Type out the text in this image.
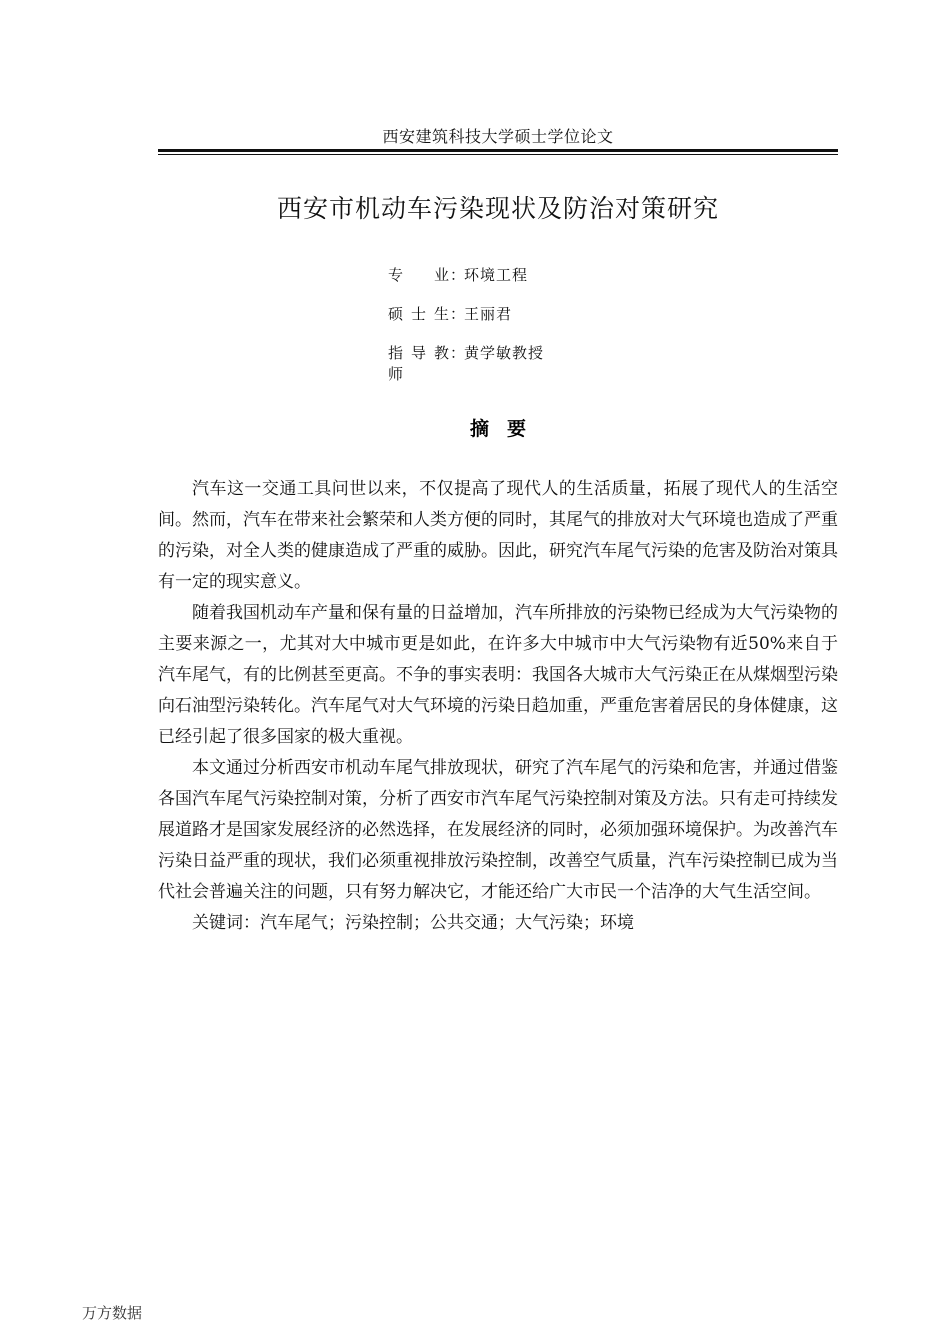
西安建筑科技大学硕士学位论文
西安市机动车污染现状及防治对策研究
专业 ：
环境工程
硕士生 ：
王丽君
指导教师
：
黄学敏教授
摘要

汽车这一交通工具问世以来，不仅提高了现代人的生活质量，拓展了现代人的生活空间。然而，汽车在带来社会繁荣和人类方便的同时，其尾气的排放对大气环境也造成了严重的污染，对全人类的健康造成了严重的威胁。因此，研究汽车尾气污染的危害及防治对策具有一定的现实意义。

随着我国机动车产量和保有量的日益增加，汽车所排放的污染物已经成为大气污染物的主要来源之一，尤其对大中城市更是如此，在许多大中城市中大气污染物有近50%来自于汽车尾气，有的比例甚至更高。不争的事实表明：我国各大城市大气污染正在从煤烟型污染向石油型污染转化。汽车尾气对大气环境的污染日趋加重，严重危害着居民的身体健康，这已经引起了很多国家的极大重视。

本文通过分析西安市机动车尾气排放现状，研究了汽车尾气的污染和危害，并通过借鉴各国汽车尾气污染控制对策，分析了西安市汽车尾气污染控制对策及方法。只有走可持续发展道路才是国家发展经济的必然选择，在发展经济的同时，必须加强环境保护。为改善汽车污染日益严重的现状，我们必须重视排放污染控制，改善空气质量，汽车污染控制已成为当代社会普遍关注的问题，只有努力解决它，才能还给广大市民一个洁净的大气生活空间。

关键词：汽车尾气；污染控制；公共交通；大气污染；环境

万方数据
